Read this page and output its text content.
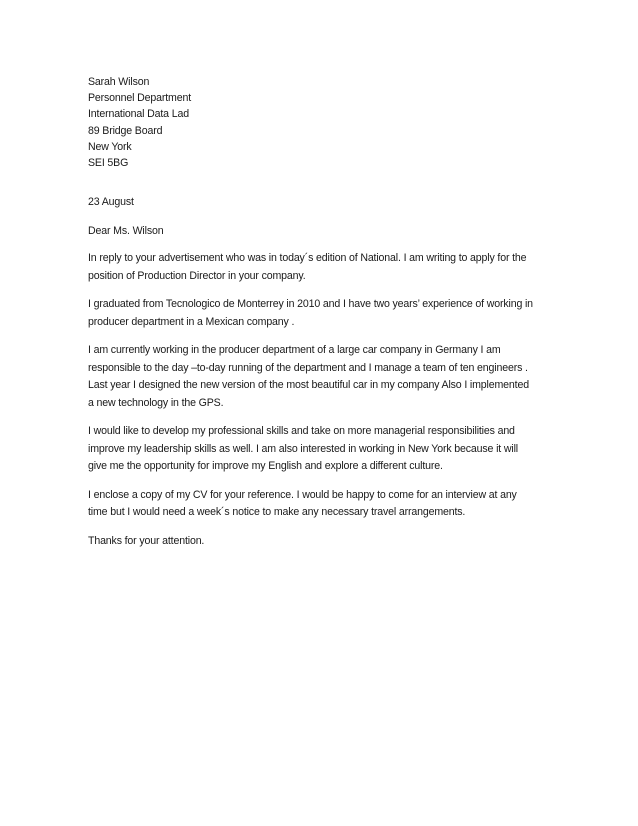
Sarah Wilson
Personnel Department
International Data Lad
89 Bridge Board
New York
SEI 5BG
23 August
Dear Ms. Wilson
In reply to your advertisement who was in today´s edition of National. I am writing to apply for the
position of Production Director in your company.
I graduated from Tecnologico de Monterrey in 2010 and I have two years’ experience of working in
producer department in a Mexican company .
I am currently working in the producer department of a large car company in Germany I am
responsible to the day –to-day running of the department and I manage a team of ten engineers .
Last year I designed the new version of the most beautiful car in my company Also I implemented
a new technology in the GPS.
I would like to develop my professional skills and take on more managerial responsibilities and
improve my leadership skills as well. I am also interested in working in New York because it will
give me the opportunity for improve my English and explore a different culture.
I enclose a copy of my CV for your reference. I would be happy to come for an interview at any
time but I would need a week´s notice to make any necessary travel arrangements.
Thanks for your attention.
